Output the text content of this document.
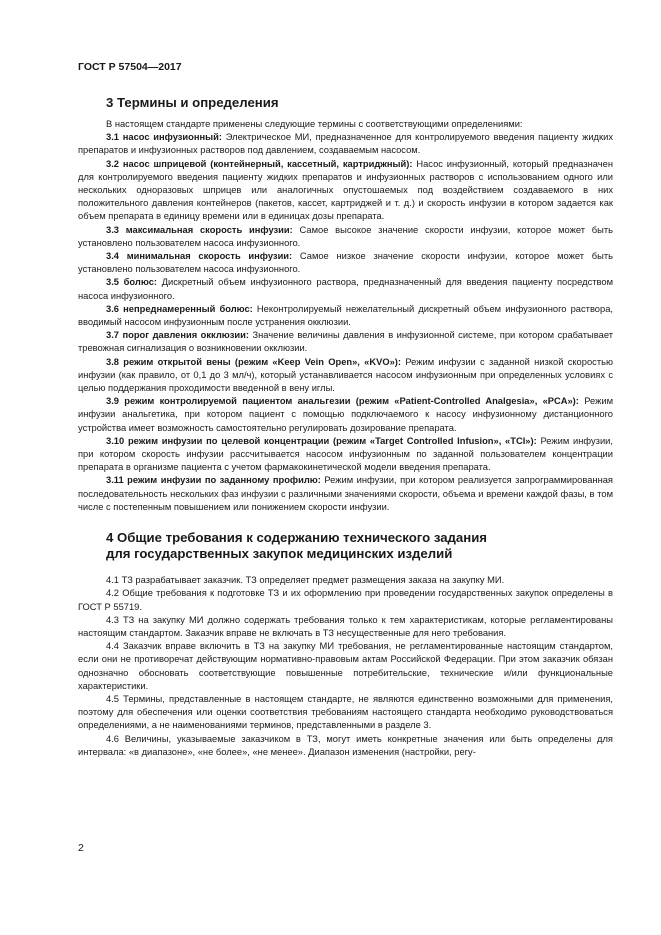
ГОСТ Р 57504—2017
3 Термины и определения

В настоящем стандарте применены следующие термины с соответствующими определениями:

3.1 насос инфузионный: Электрическое МИ, предназначенное для контролируемого введения пациенту жидких препаратов и инфузионных растворов под давлением, создаваемым насосом.

3.2 насос шприцевой (контейнерный, кассетный, картриджный): Насос инфузионный, который предназначен для контролируемого введения пациенту жидких препаратов и инфузионных растворов с использованием одного или нескольких одноразовых шприцев или аналогичных опустошаемых под воздействием создаваемого в них положительного давления контейнеров (пакетов, кассет, картриджей и т. д.) и скорость инфузии в котором задается как объем препарата в единицу времени или в единицах дозы препарата.

3.3 максимальная скорость инфузии: Самое высокое значение скорости инфузии, которое может быть установлено пользователем насоса инфузионного.

3.4 минимальная скорость инфузии: Самое низкое значение скорости инфузии, которое может быть установлено пользователем насоса инфузионного.

3.5 болюс: Дискретный объем инфузионного раствора, предназначенный для введения пациенту посредством насоса инфузионного.

3.6 непреднамеренный болюс: Неконтролируемый нежелательный дискретный объем инфузионного раствора, вводимый насосом инфузионным после устранения окклюзии.

3.7 порог давления окклюзии: Значение величины давления в инфузионной системе, при котором срабатывает тревожная сигнализация о возникновении окклюзии.

3.8 режим открытой вены (режим «Keep Vein Open», «KVO»): Режим инфузии с заданной низкой скоростью инфузии (как правило, от 0,1 до 3 мл/ч), который устанавливается насосом инфузионным при определенных условиях с целью поддержания проходимости введенной в вену иглы.

3.9 режим контролируемой пациентом анальгезии (режим «Patient-Controlled Analgesia», «PCA»): Режим инфузии анальгетика, при котором пациент с помощью подключаемого к насосу инфузионному дистанционного устройства имеет возможность самостоятельно регулировать дозирование препарата.

3.10 режим инфузии по целевой концентрации (режим «Target Controlled Infusion», «TCI»): Режим инфузии, при котором скорость инфузии рассчитывается насосом инфузионным по заданной пользователем концентрации препарата в организме пациента с учетом фармакокинетической модели введения препарата.

3.11 режим инфузии по заданному профилю: Режим инфузии, при котором реализуется запрограммированная последовательность нескольких фаз инфузии с различными значениями скорости, объема и времени каждой фазы, в том числе с постепенным повышением или понижением скорости инфузии.

4 Общие требования к содержанию технического задания
для государственных закупок медицинских изделий

4.1 ТЗ разрабатывает заказчик. ТЗ определяет предмет размещения заказа на закупку МИ.

4.2 Общие требования к подготовке ТЗ и их оформлению при проведении государственных закупок определены в ГОСТ Р 55719.

4.3 ТЗ на закупку МИ должно содержать требования только к тем характеристикам, которые регламентированы настоящим стандартом. Заказчик вправе не включать в ТЗ несущественные для него требования.

4.4 Заказчик вправе включить в ТЗ на закупку МИ требования, не регламентированные настоящим стандартом, если они не противоречат действующим нормативно-правовым актам Российской Федерации. При этом заказчик обязан однозначно обосновать соответствующие повышенные потребительские, технические и/или функциональные характеристики.

4.5 Термины, представленные в настоящем стандарте, не являются единственно возможными для применения, поэтому для обеспечения или оценки соответствия требованиям настоящего стандарта необходимо руководствоваться определениями, а не наименованиями терминов, представленными в разделе 3.

4.6 Величины, указываемые заказчиком в ТЗ, могут иметь конкретные значения или быть определены для интервала: «в диапазоне», «не более», «не менее». Диапазон изменения (настройки, регу-

2
